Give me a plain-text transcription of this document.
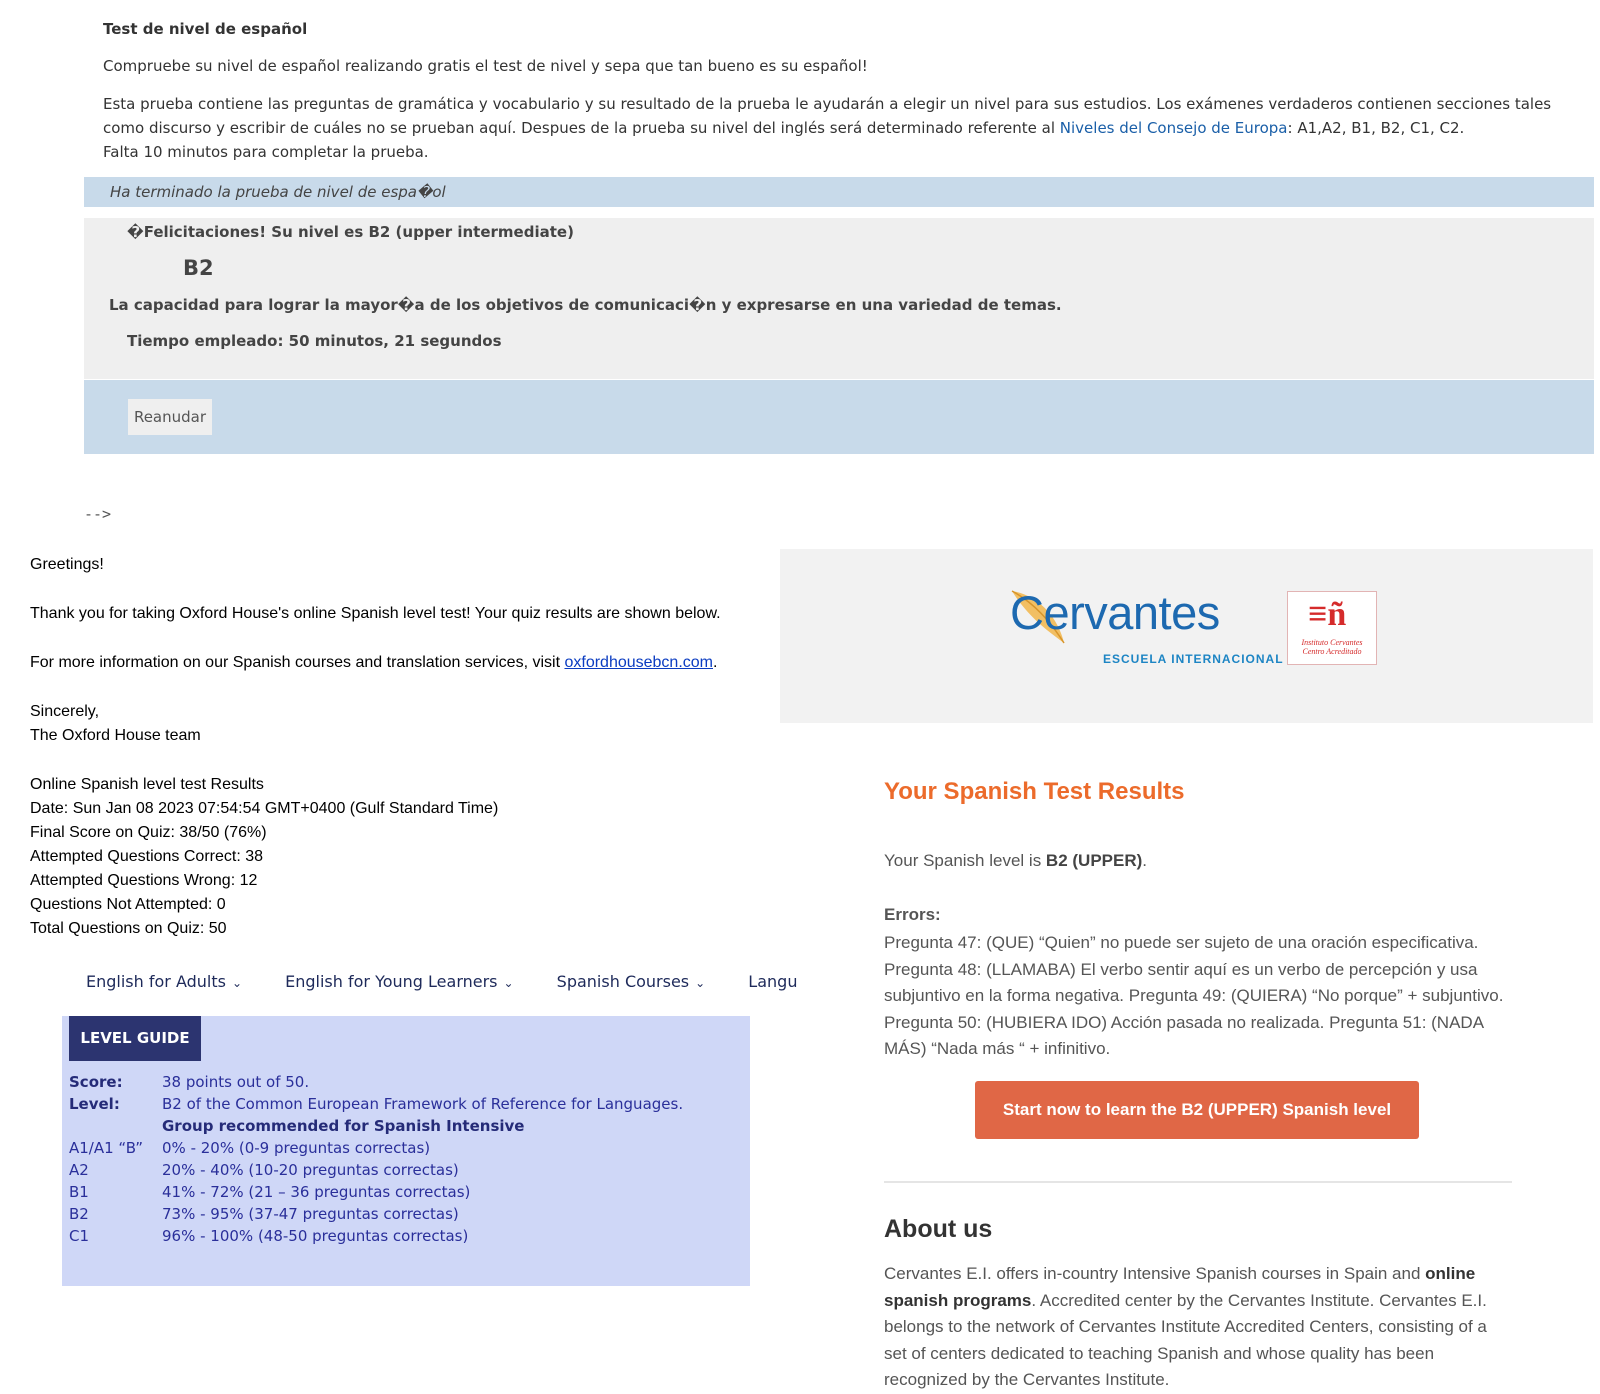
Test de nivel de español
Compruebe su nivel de español realizando gratis el test de nivel y sepa que tan bueno es su español!
Esta prueba contiene las preguntas de gramática y vocabulario y su resultado de la prueba le ayudarán a elegir un nivel para sus estudios. Los exámenes verdaderos contienen secciones tales como discurso y escribir de cuáles no se prueban aquí. Despues de la prueba su nivel del inglés será determinado referente al Niveles del Consejo de Europa: A1,A2, B1, B2, C1, C2.
Falta 10 minutos para completar la prueba.
Ha terminado la prueba de nivel de espa�ol
�Felicitaciones! Su nivel es B2 (upper intermediate)
B2
La capacidad para lograr la mayor�a de los objetivos de comunicaci�n y expresarse en una variedad de temas.
Tiempo empleado: 50 minutos, 21 segundos
Reanudar
-->
Greetings!
Thank you for taking Oxford House's online Spanish level test! Your quiz results are shown below.
For more information on our Spanish courses and translation services, visit oxfordhousebcn.com.
Sincerely,
The Oxford House team
Online Spanish level test Results
Date: Sun Jan 08 2023 07:54:54 GMT+0400 (Gulf Standard Time)
Final Score on Quiz: 38/50 (76%)
Attempted Questions Correct: 38
Attempted Questions Wrong: 12
Questions Not Attempted: 0
Total Questions on Quiz: 50
English for Adults ⌄	English for Young Learners ⌄	Spanish Courses ⌄	Langu
LEVEL GUIDE
Score:	38 points out of 50.
Level:	B2 of the Common European Framework of Reference for Languages.
Group recommended for Spanish Intensive
A1/A1 “B” 0% - 20% (0-9 preguntas correctas)
A2	20% - 40% (10-20 preguntas correctas)
B1	41% - 72% (21 – 36 preguntas correctas)
B2	73% - 95% (37-47 preguntas correctas)
C1	96% - 100% (48-50 preguntas correctas)
Cervantes
ESCUELA INTERNACIONAL
≡ñ
Instituto Cervantes Centro Acreditado
Your Spanish Test Results
Your Spanish level is B2 (UPPER).
Errors:
Pregunta 47: (QUE) “Quien” no puede ser sujeto de una oración especificativa. Pregunta 48: (LLAMABA) El verbo sentir aquí es un verbo de percepción y usa subjuntivo en la forma negativa. Pregunta 49: (QUIERA) “No porque” + subjuntivo. Pregunta 50: (HUBIERA IDO) Acción pasada no realizada. Pregunta 51: (NADA MÁS) “Nada más “ + infinitivo.
Start now to learn the B2 (UPPER) Spanish level
About us
Cervantes E.I. offers in-country Intensive Spanish courses in Spain and online spanish programs. Accredited center by the Cervantes Institute. Cervantes E.I. belongs to the network of Cervantes Institute Accredited Centers, consisting of a set of centers dedicated to teaching Spanish and whose quality has been recognized by the Cervantes Institute.
